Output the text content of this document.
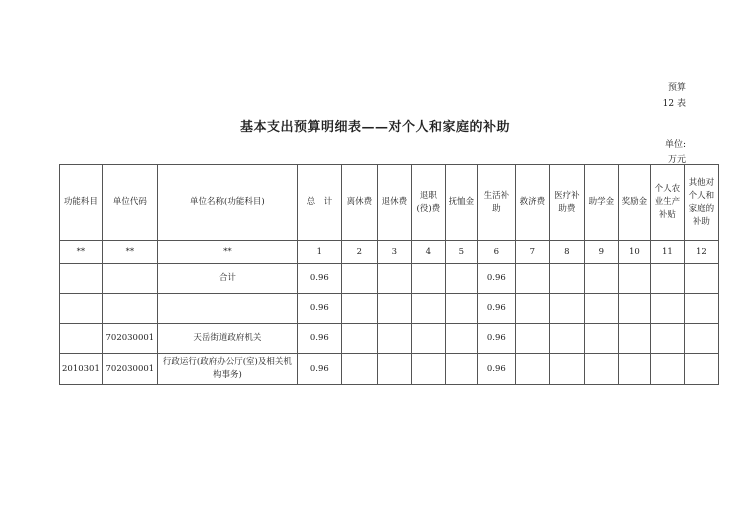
预算
12 表
基本支出预算明细表——对个人和家庭的补助
单位:
万元
功能科目	单位代码	单位名称(功能科目)	总　计	离休费	退休费	退职(役)费	抚恤金	生活补助	救济费	医疗补助费	助学金	奖励金	个人农业生产补贴	其他对个人和家庭的补助
**	**	**	1	2	3	4	5	6	7	8	9	10	11	12
		合计	0.96					0.96						
			0.96					0.96						
	702030001	天岳街道政府机关	0.96					0.96						
2010301	702030001	行政运行(政府办公厅(室)及相关机构事务)	0.96					0.96						
